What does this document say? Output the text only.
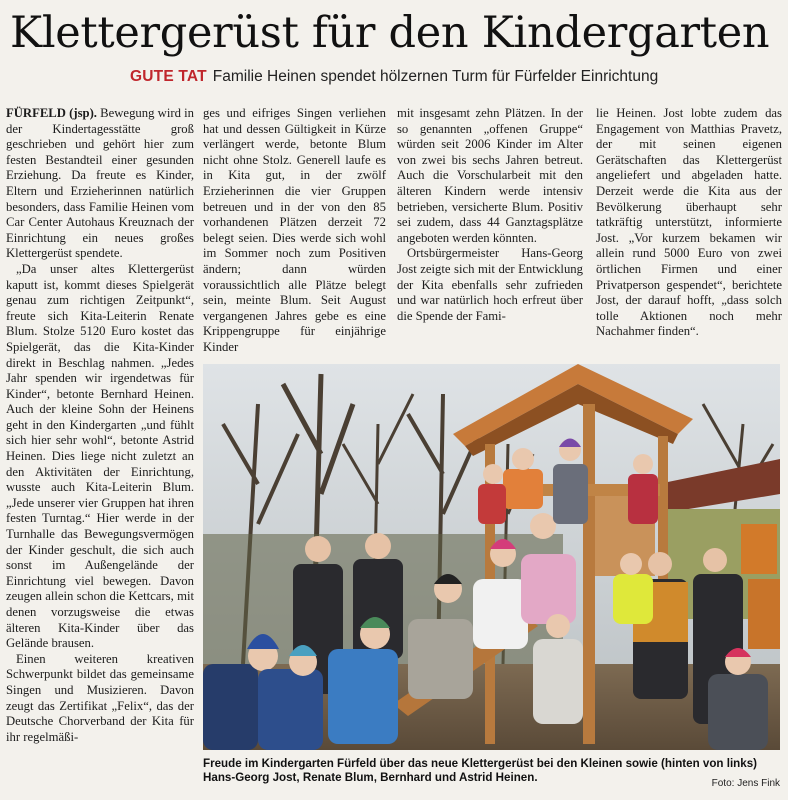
Klettergerüst für den Kindergarten
GUTE TAT Familie Heinen spendet hölzernen Turm für Fürfelder Einrichtung

FÜRFELD (jsp). Bewegung wird in der Kindertagesstätte groß geschrieben und gehört hier zum festen Bestandteil einer gesunden Erziehung. Da freute es Kinder, Eltern und Erzieherinnen natürlich besonders, dass Familie Heinen vom Car Center Autohaus Kreuznach der Einrichtung ein neues großes Klettergerüst spendete.

„Da unser altes Klettergerüst kaputt ist, kommt dieses Spielgerät genau zum richtigen Zeitpunkt“, freute sich Kita-Leiterin Renate Blum. Stolze 5120 Euro kostet das Spielgerät, das die Kita-Kinder direkt in Beschlag nahmen. „Jedes Jahr spenden wir irgendetwas für Kinder“, betonte Bernhard Heinen. Auch der kleine Sohn der Heinens geht in den Kindergarten „und fühlt sich hier sehr wohl“, betonte Astrid Heinen. Dies liege nicht zuletzt an den Aktivitäten der Einrichtung, wusste auch Kita-Leiterin Blum. „Jede unserer vier Gruppen hat ihren festen Turntag.“ Hier werde in der Turnhalle das Bewegungsvermögen der Kinder geschult, die sich auch sonst im Außengelände der Einrichtung viel bewegen. Davon zeugen allein schon die Kettcars, mit denen vorzugsweise die etwas älteren Kita-Kinder über das Gelände brausen.

Einen weiteren kreativen Schwerpunkt bildet das gemeinsame Singen und Musizieren. Davon zeugt das Zertifikat „Felix“, das der Deutsche Chorverband der Kita für ihr regelmäßi-

ges und eifriges Singen verliehen hat und dessen Gültigkeit in Kürze verlängert werde, betonte Blum nicht ohne Stolz. Generell laufe es in Kita gut, in der zwölf Erzieherinnen die vier Gruppen betreuen und in der von den 85 vorhandenen Plätzen derzeit 72 belegt seien. Dies werde sich wohl im Sommer noch zum Positiven ändern; dann würden voraussichtlich alle Plätze belegt sein, meinte Blum. Seit August vergangenen Jahres gebe es eine Krippengruppe für einjährige Kinder

mit insgesamt zehn Plätzen. In der so genannten „offenen Gruppe“ würden seit 2006 Kinder im Alter von zwei bis sechs Jahren betreut. Auch die Vorschularbeit mit den älteren Kindern werde intensiv betrieben, versicherte Blum. Positiv sei zudem, dass 44 Ganztagsplätze angeboten werden könnten.

Ortsbürgermeister Hans-Georg Jost zeigte sich mit der Entwicklung der Kita ebenfalls sehr zufrieden und war natürlich hoch erfreut über die Spende der Fami-

lie Heinen. Jost lobte zudem das Engagement von Matthias Pravetz, der mit seinen eigenen Gerätschaften das Klettergerüst angeliefert und abgeladen hatte. Derzeit werde die Kita aus der Bevölkerung überhaupt sehr tatkräftig unterstützt, informierte Jost. „Vor kurzem bekamen wir allein rund 5000 Euro von zwei örtlichen Firmen und einer Privatperson gespendet“, berichtete Jost, der darauf hofft, „dass solch tolle Aktionen noch mehr Nachahmer finden“.

Freude im Kindergarten Fürfeld über das neue Klettergerüst bei den Kleinen sowie (hinten von links) Hans-Georg Jost, Renate Blum, Bernhard und Astrid Heinen.	Foto: Jens Fink
